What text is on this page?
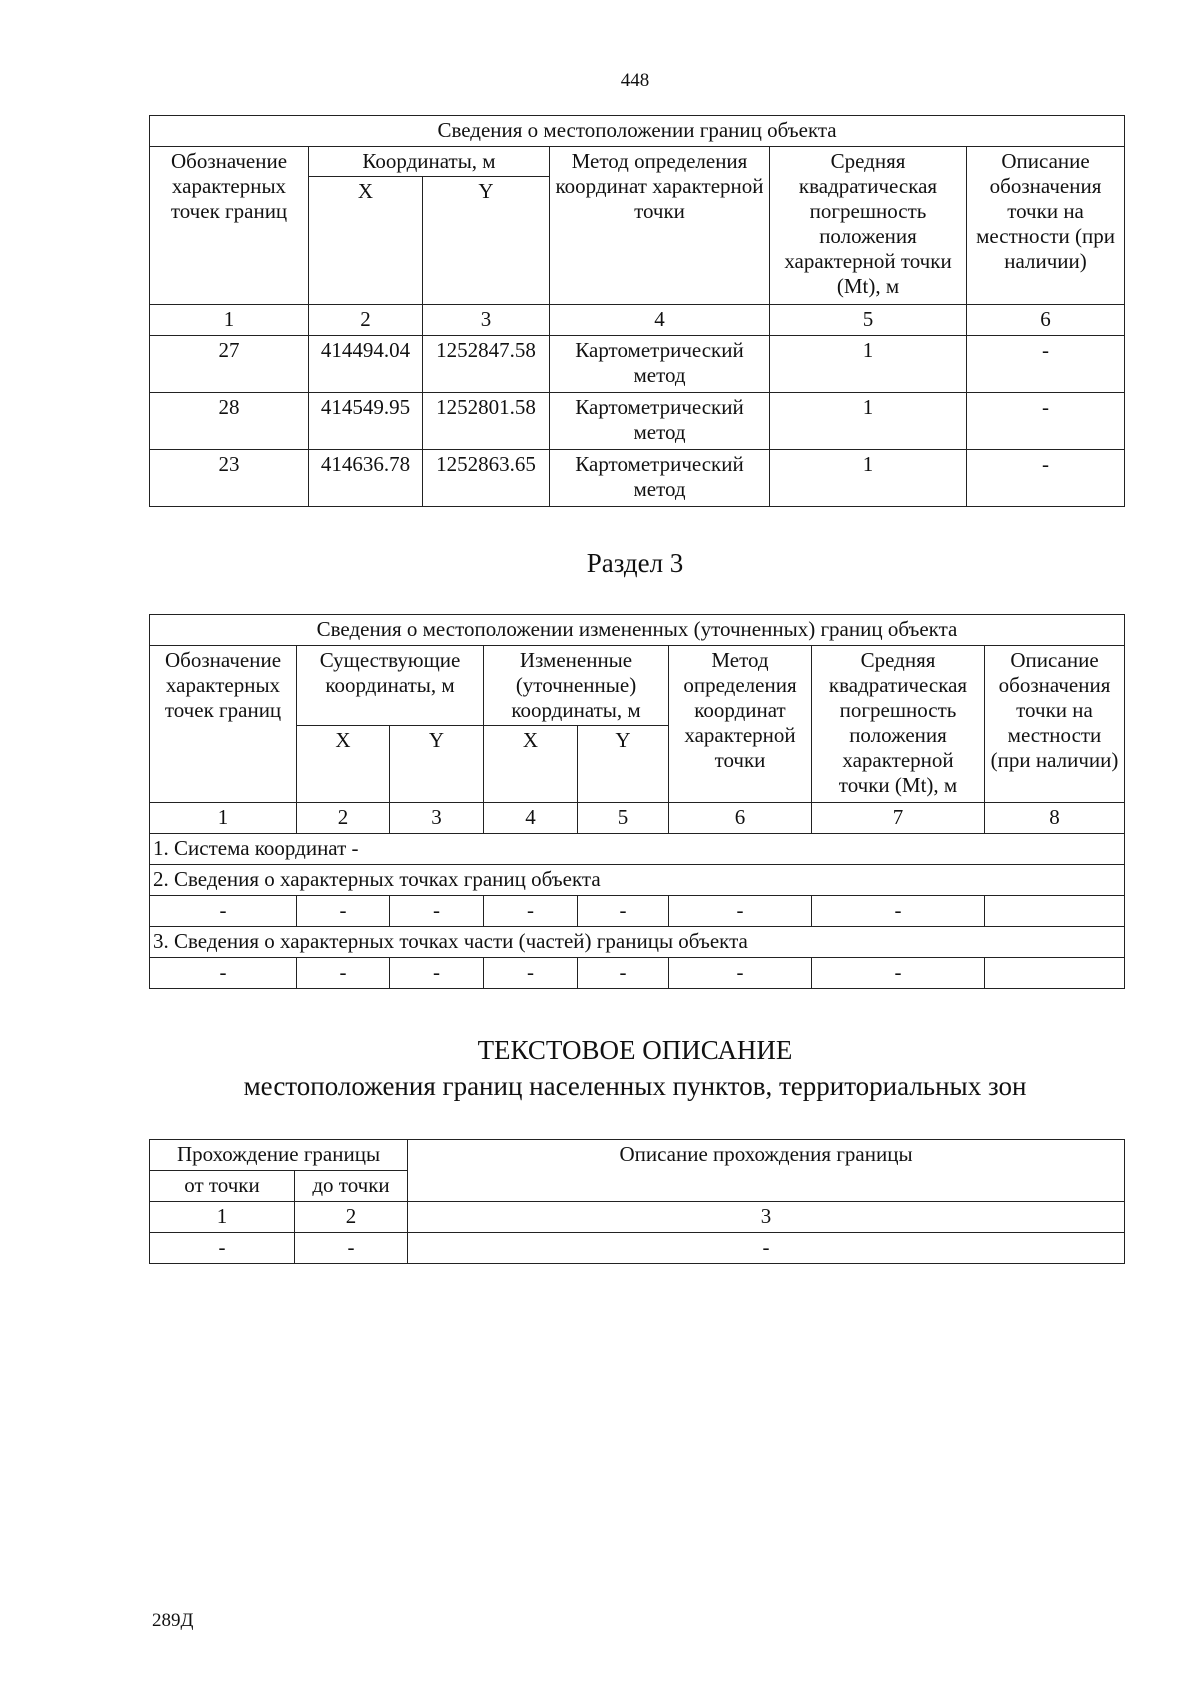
448
Сведения о местоположении границ объекта					
Обозначение характерных точек границ	Координаты, м		Метод определения координат характерной точки	Средняя квадратическая погрешность положения характерной точки (Mt), м	Описание обозначения точки на местности (при наличии)
	X	Y			
1	2	3	4	5	6
27	414494.04	1252847.58	Картометрический метод	1	-
28	414549.95	1252801.58	Картометрический метод	1	-
23	414636.78	1252863.65	Картометрический метод	1	-
Раздел 3
Сведения о местоположении измененных (уточненных) границ объекта							
Обозначение характерных точек границ	Существующие координаты, м		Измененные (уточненные) координаты, м		Метод определения координат характерной точки	Средняя квадратическая погрешность положения характерной точки (Mt), м	Описание обозначения точки на местности (при наличии)
	X	Y	X	Y			
1	2	3	4	5	6	7	8
1. Система координат -							
2. Сведения о характерных точках границ объекта							
-	-	-	-	-	-	-	
3. Сведения о характерных точках части (частей) границы объекта							
-	-	-	-	-	-	-	
ТЕКСТОВОЕ ОПИСАНИЕ
местоположения границ населенных пунктов, территориальных зон
Прохождение границы		Описание прохождения границы
от точки	до точки	
1	2	3
-	-	-
289Д
